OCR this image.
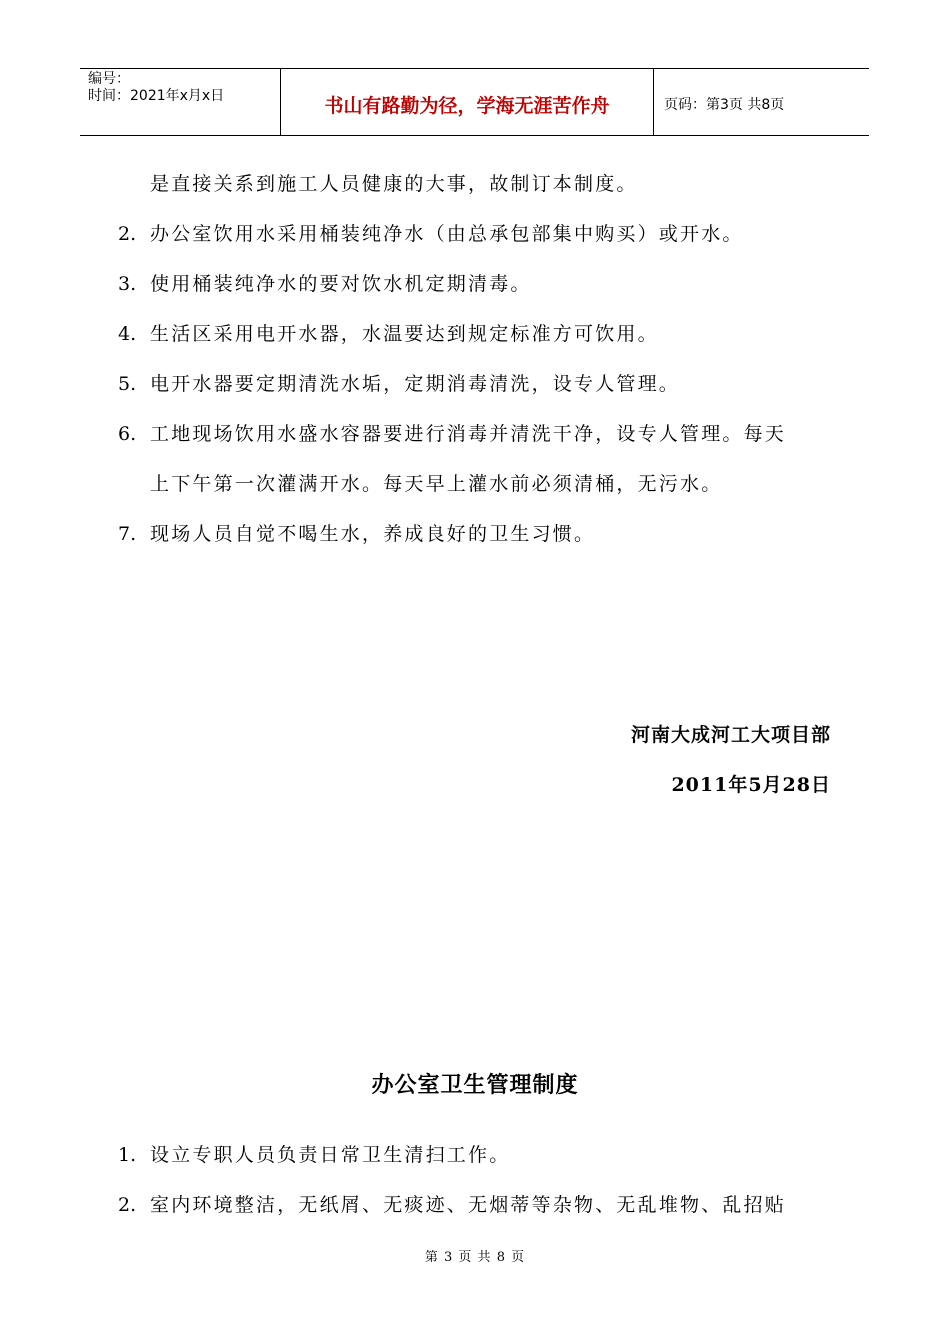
编号：
时间：2021年x月x日	书山有路勤为径，学海无涯苦作舟	页码：第3页 共8页
是直接关系到施工人员健康的大事，故制订本制度。
2. 办公室饮用水采用桶装纯净水（由总承包部集中购买）或开水。
3. 使用桶装纯净水的要对饮水机定期清毒。
4. 生活区采用电开水器，水温要达到规定标准方可饮用。
5. 电开水器要定期清洗水垢，定期消毒清洗，设专人管理。
6. 工地现场饮用水盛水容器要进行消毒并清洗干净，设专人管理。每天
上下午第一次灌满开水。每天早上灌水前必须清桶，无污水。
7. 现场人员自觉不喝生水，养成良好的卫生习惯。
河南大成河工大项目部
2011年5月28日
办公室卫生管理制度
1. 设立专职人员负责日常卫生清扫工作。
2. 室内环境整洁，无纸屑、无痰迹、无烟蒂等杂物、无乱堆物、乱招贴
第 3 页 共 8 页
